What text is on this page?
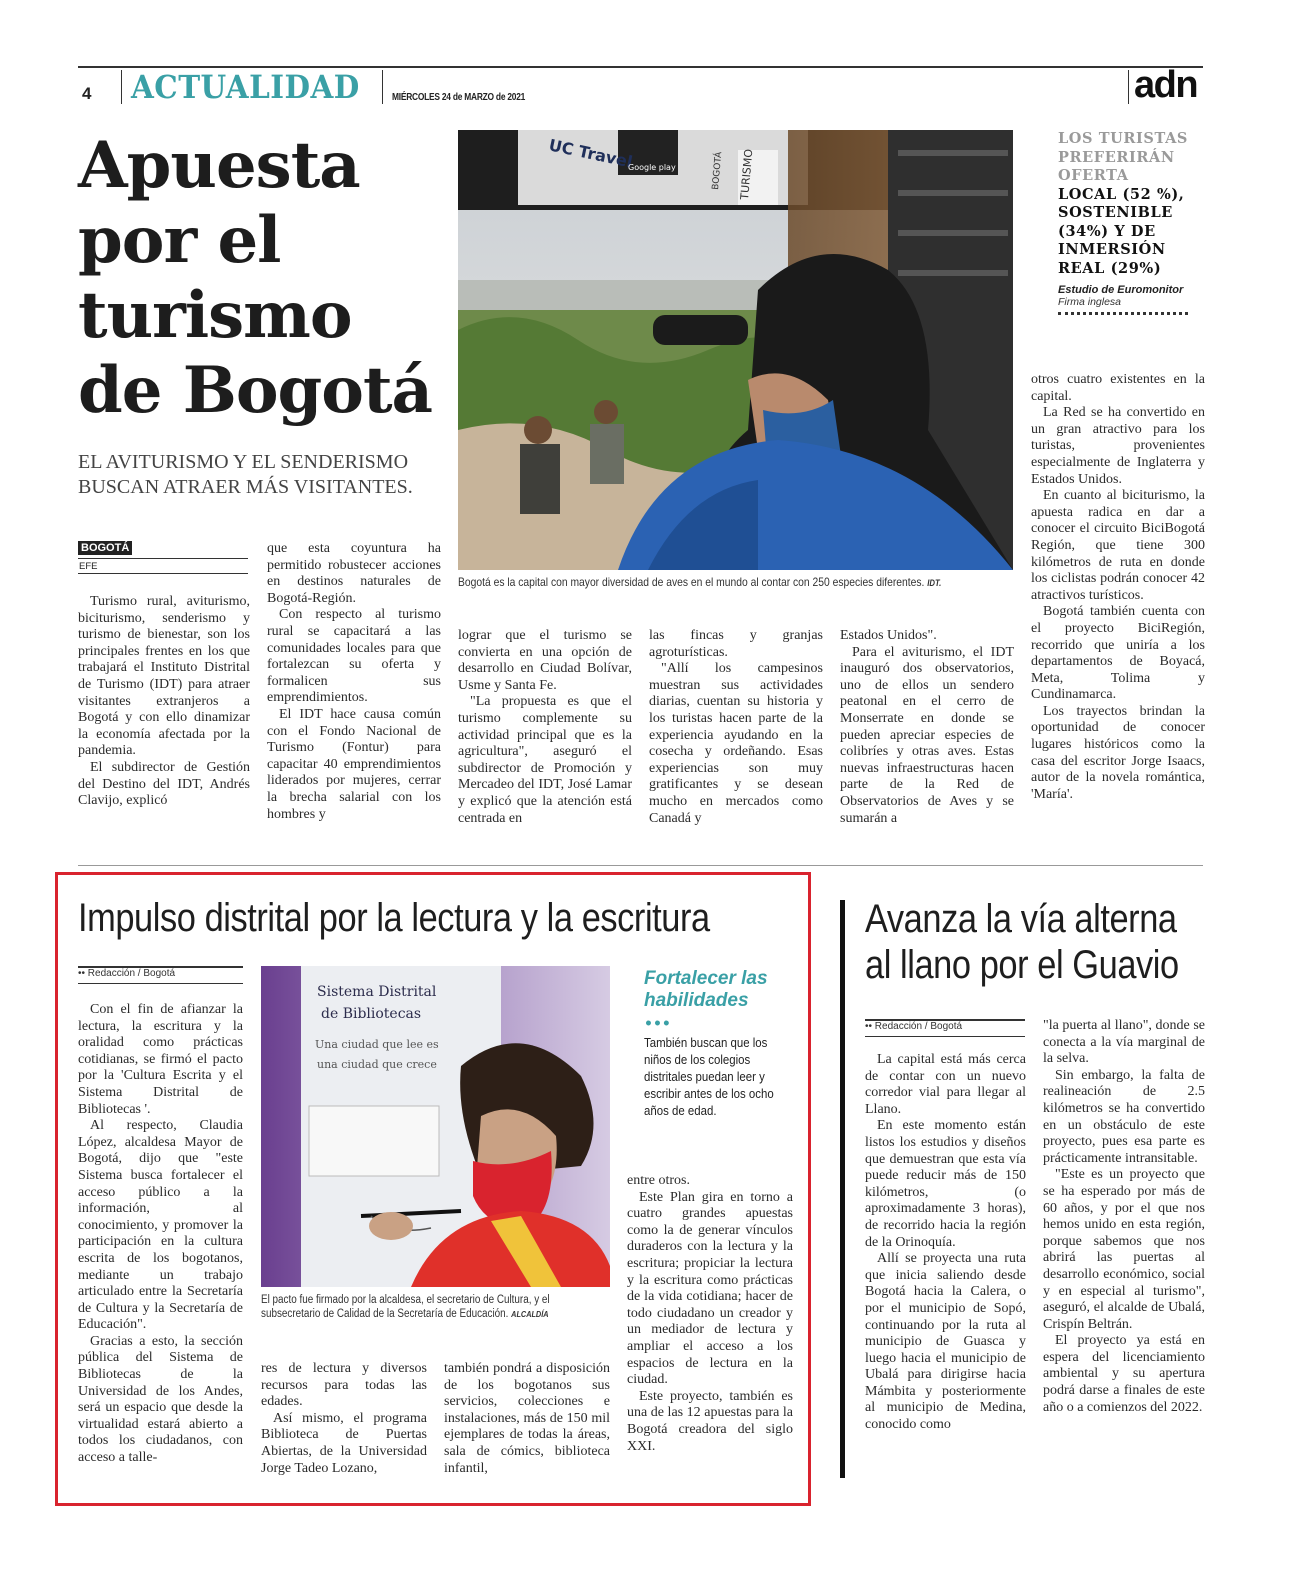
4 ACTUALIDAD	MIÉRCOLES 24 de MARZO de 2021	adn
Apuesta
por el
turismo
de Bogotá
EL AVITURISMO Y EL SENDERISMO BUSCAN ATRAER MÁS VISITANTES.
UC Travel
Google play	BOGOTÁ TURISMO
Bogotá es la capital con mayor diversidad de aves en el mundo al contar con 250 especies diferentes. IDT.
LOS TURISTAS PREFERIRÁN OFERTA
LOCAL (52 %), SOSTENIBLE (34%) Y DE INMERSIÓN REAL (29%)
Estudio de Euromonitor
Firma inglesa
BOGOTÁ
EFE

Turismo rural, aviturismo, biciturismo, senderismo y turismo de bienestar, son los principales frentes en los que trabajará el Instituto Distrital de Turismo (IDT) para atraer visitantes extranjeros a Bogotá y con ello dinamizar la economía afectada por la pandemia.

El subdirector de Gestión del Destino del IDT, Andrés Clavijo, explicó

que esta coyuntura ha permitido robustecer acciones en destinos naturales de Bogotá-Región.

Con respecto al turismo rural se capacitará a las comunidades locales para que fortalezcan su oferta y formalicen sus emprendimientos.

El IDT hace causa común con el Fondo Nacional de Turismo (Fontur) para capacitar 40 emprendimientos liderados por mujeres, cerrar la brecha salarial con los hombres y

lograr que el turismo se convierta en una opción de desarrollo en Ciudad Bolívar, Usme y Santa Fe.

"La propuesta es que el turismo complemente su actividad principal que es la agricultura", aseguró el subdirector de Promoción y Mercadeo del IDT, José Lamar y explicó que la atención está centrada en

las fincas y granjas agroturísticas.

"Allí los campesinos muestran sus actividades diarias, cuentan su historia y los turistas hacen parte de la experiencia ayudando en la cosecha y ordeñando. Esas experiencias son muy gratificantes y se desean mucho en mercados como Canadá y

Estados Unidos".

Para el aviturismo, el IDT inauguró dos observatorios, uno de ellos un sendero peatonal en el cerro de Monserrate en donde se pueden apreciar especies de colibríes y otras aves. Estas nuevas infraestructuras hacen parte de la Red de Observatorios de Aves y se sumarán a

otros cuatro existentes en la capital.

La Red se ha convertido en un gran atractivo para los turistas, provenientes especialmente de Inglaterra y Estados Unidos.

En cuanto al biciturismo, la apuesta radica en dar a conocer el circuito BiciBogotá Región, que tiene 300 kilómetros de ruta en donde los ciclistas podrán conocer 42 atractivos turísticos.

Bogotá también cuenta con el proyecto BiciRegión, recorrido que uniría a los departamentos de Boyacá, Meta, Tolima y Cundinamarca.

Los trayectos brindan la oportunidad de conocer lugares históricos como la casa del escritor Jorge Isaacs, autor de la novela romántica, 'María'.

Impulso distrital por la lectura y la escritura
•• Redacción / Bogotá

Con el fin de afianzar la lectura, la escritura y la oralidad como prácticas cotidianas, se firmó el pacto por la 'Cultura Escrita y el Sistema Distrital de Bibliotecas '.

Al respecto, Claudia López, alcaldesa Mayor de Bogotá, dijo que "este Sistema busca fortalecer el acceso público a la información, al conocimiento, y promover la participación en la cultura escrita de los bogotanos, mediante un trabajo articulado entre la Secretaría de Cultura y la Secretaría de Educación".

Gracias a esto, la sección pública del Sistema de Bibliotecas de la Universidad de los Andes, será un espacio que desde la virtualidad estará abierto a todos los ciudadanos, con acceso a talle-

Sistema Distrital
de Bibliotecas
Una ciudad que lee es
una ciudad que crece
El pacto fue firmado por la alcaldesa, el secretario de Cultura, y el subsecretario de Calidad de la Secretaría de Educación. ALCALDÍA
Fortalecer las habilidades
•••
También buscan que los niños de los colegios distritales puedan leer y escribir antes de los ocho años de edad.

res de lectura y diversos recursos para todas las edades.

Así mismo, el programa Biblioteca de Puertas Abiertas, de la Universidad Jorge Tadeo Lozano,

también pondrá a disposición de los bogotanos sus servicios, colecciones e instalaciones, más de 150 mil ejemplares de todas la áreas, sala de cómics, biblioteca infantil,

entre otros.

Este Plan gira en torno a cuatro grandes apuestas como la de generar vínculos duraderos con la lectura y la escritura; propiciar la lectura y la escritura como prácticas de la vida cotidiana; hacer de todo ciudadano un creador y un mediador de lectura y ampliar el acceso a los espacios de lectura en la ciudad.

Este proyecto, también es una de las 12 apuestas para la Bogotá creadora del siglo XXI.

Avanza la vía alterna
al llano por el Guavio
•• Redacción / Bogotá

La capital está más cerca de contar con un nuevo corredor vial para llegar al Llano.

En este momento están listos los estudios y diseños que demuestran que esta vía puede reducir más de 150 kilómetros, (o aproximadamente 3 horas), de recorrido hacia la región de la Orinoquía.

Allí se proyecta una ruta que inicia saliendo desde Bogotá hacia la Calera, o por el municipio de Sopó, continuando por la ruta al municipio de Guasca y luego hacia el municipio de Ubalá para dirigirse hacia Mámbita y posteriormente al municipio de Medina, conocido como

"la puerta al llano", donde se conecta a la vía marginal de la selva.

Sin embargo, la falta de realineación de 2.5 kilómetros se ha convertido en un obstáculo de este proyecto, pues esa parte es prácticamente intransitable.

"Este es un proyecto que se ha esperado por más de 60 años, y por el que nos hemos unido en esta región, porque sabemos que nos abrirá las puertas al desarrollo económico, social y en especial al turismo", aseguró, el alcalde de Ubalá, Crispín Beltrán.

El proyecto ya está en espera del licenciamiento ambiental y su apertura podrá darse a finales de este año o a comienzos del 2022.
